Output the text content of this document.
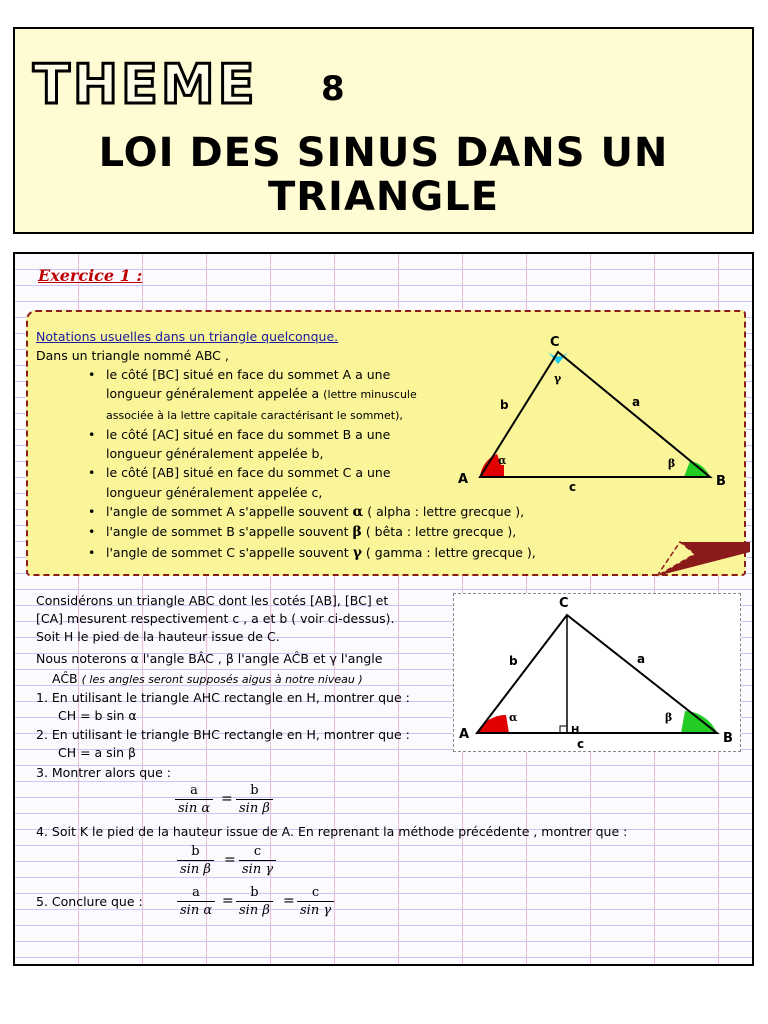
THEME 8
LOI DES SINUS DANS UN
TRIANGLE
Exercice 1 :
Notations usuelles dans un triangle quelconque.
Dans un triangle nommé ABC ,
• le côté [BC] situé en face du sommet A a une
longueur généralement appelée a (lettre minuscule
associée à la lettre capitale caractérisant le sommet),
• le côté [AC] situé en face du sommet B a une
longueur généralement appelée b,
• le côté [AB] situé en face du sommet C a une
longueur généralement appelée c,
• l'angle de sommet A s'appelle souvent α ( alpha : lettre grecque ),
• l'angle de sommet B s'appelle souvent β ( bêta : lettre grecque ),
• l'angle de sommet C s'appelle souvent γ ( gamma : lettre grecque ),
A	B
C
b	a
c
α	β
γ
C
A	B
H
b	a
c
α	β
Considérons un triangle ABC dont les cotés [AB], [BC] et
[CA] mesurent respectivement c , a et b ( voir ci-dessus).
Soit H le pied de la hauteur issue de C.
Nous noterons α l'angle BÂC , β l'angle AĈB et γ l'angle
AĈB ( les angles seront supposés aigus à notre niveau )
1. En utilisant le triangle AHC rectangle en H, montrer que :
CH = b sin α
2. En utilisant le triangle BHC rectangle en H, montrer que :
CH = a sin β
3. Montrer alors que :
$\frac{a}{\text{sin α}} = \frac{b}{\text{sin β}}$
4. Soit K le pied de la hauteur issue de A. En reprenant la méthode précédente , montrer que :
$\frac{b}{\text{sin β}} = \frac{c}{\text{sin γ}}$
5. Conclure que :	$\frac{a}{\text{sin α}} = \frac{b}{\text{sin β}} = \frac{c}{\text{sin γ}}$
